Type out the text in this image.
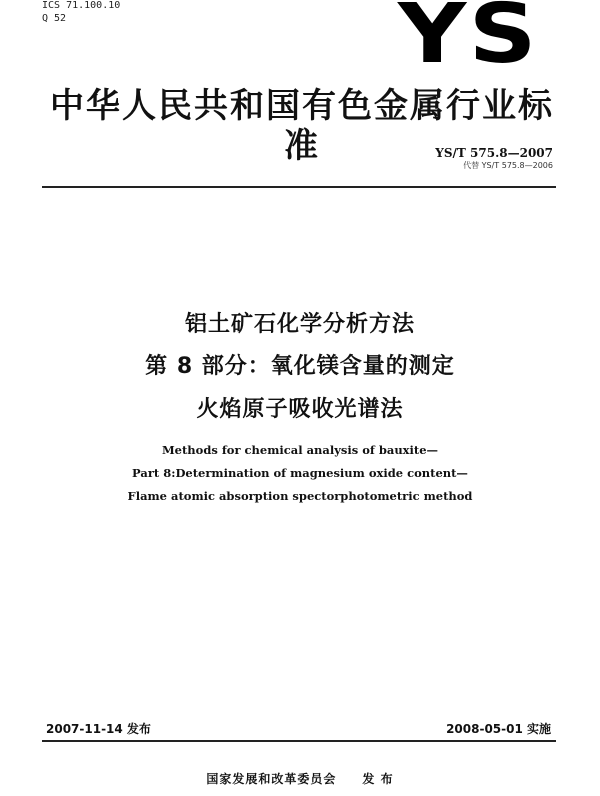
ICS 71.100.10
Q 52	YS
中华人民共和国有色金属行业标准	YS/T 575.8—2007
代替 YS/T 575.8—2006
铝土矿石化学分析方法
第 8 部分：氧化镁含量的测定
火焰原子吸收光谱法
Methods for chemical analysis of bauxite—
Part 8:Determination of magnesium oxide content—
Flame atomic absorption spectorphotometric method
2007-11-14 发布	2008-05-01 实施
国家发展和改革委员会　　发 布
